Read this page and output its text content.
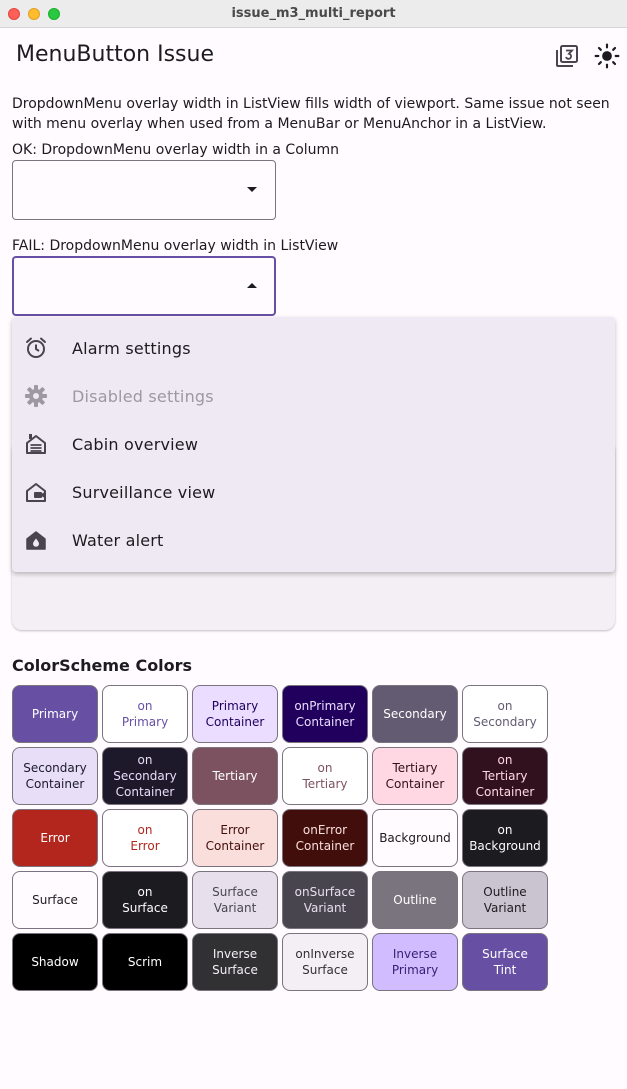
issue_m3_multi_report
MenuButton Issue
DropdownMenu overlay width in ListView fills width of viewport. Same issue not seen with menu overlay when used from a MenuBar or MenuAnchor in a ListView.
OK: DropdownMenu overlay width in a Column
FAIL: DropdownMenu overlay width in ListView
Alarm settings
Disabled settings
Cabin overview
Surveillance view
Water alert
ColorScheme Colors
Primary
on
Primary
Primary
Container
onPrimary
Container
Secondary
on
Secondary
Secondary
Container
on
Secondary
Container
Tertiary
on
Tertiary
Tertiary
Container
on
Tertiary
Container
Error
on
Error
Error
Container
onError
Container
Background
on
Background
Surface
on
Surface
Surface
Variant
onSurface
Variant
Outline
Outline
Variant
Shadow	Scrim
Inverse
Surface
onInverse
Surface
Inverse
Primary
Surface
Tint
